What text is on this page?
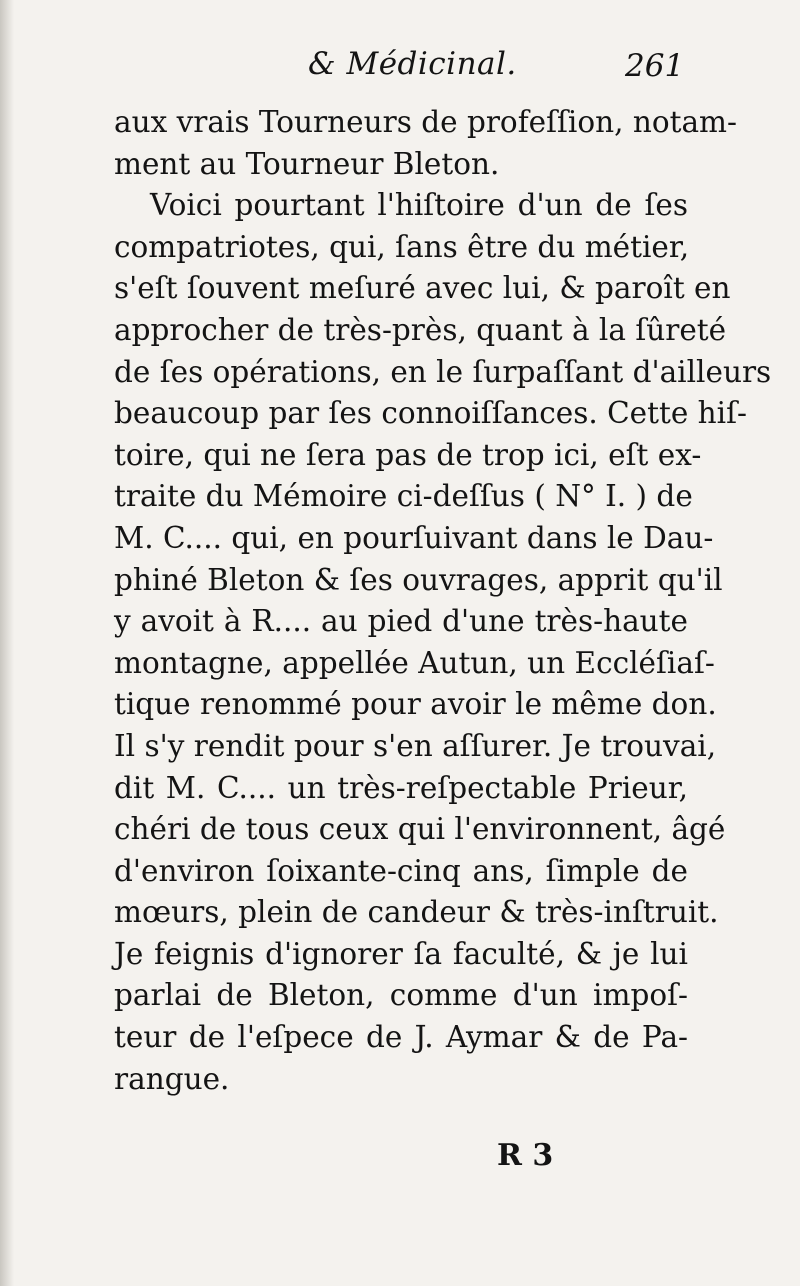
& Médicinal.	261
aux vrais Tourneurs de profeſſion, notam-
ment au Tourneur Bleton.
Voici pourtant l'hiſtoire d'un de ſes
compatriotes, qui, ſans être du métier,
s'eſt ſouvent meſuré avec lui, & paroît en
approcher de très-près, quant à la ſûreté
de ſes opérations, en le ſurpaſſant d'ailleurs
beaucoup par ſes connoiſſances. Cette hiſ-
toire, qui ne ſera pas de trop ici, eſt ex-
traite du Mémoire ci-deſſus ( N° I. ) de
M. C.... qui, en pourſuivant dans le Dau-
phiné Bleton & ſes ouvrages, apprit qu'il
y avoit à R.... au pied d'une très-haute
montagne, appellée Autun, un Eccléſiaſ-
tique renommé pour avoir le même don.
Il s'y rendit pour s'en aſſurer. Je trouvai,
dit M. C.... un très-reſpectable Prieur,
chéri de tous ceux qui l'environnent, âgé
d'environ ſoixante-cinq ans, ſimple de
mœurs, plein de candeur & très-inſtruit.
Je feignis d'ignorer ſa faculté, & je lui
parlai de Bleton, comme d'un impoſ-
teur de l'eſpece de J. Aymar & de Pa-
rangue.
R 3
